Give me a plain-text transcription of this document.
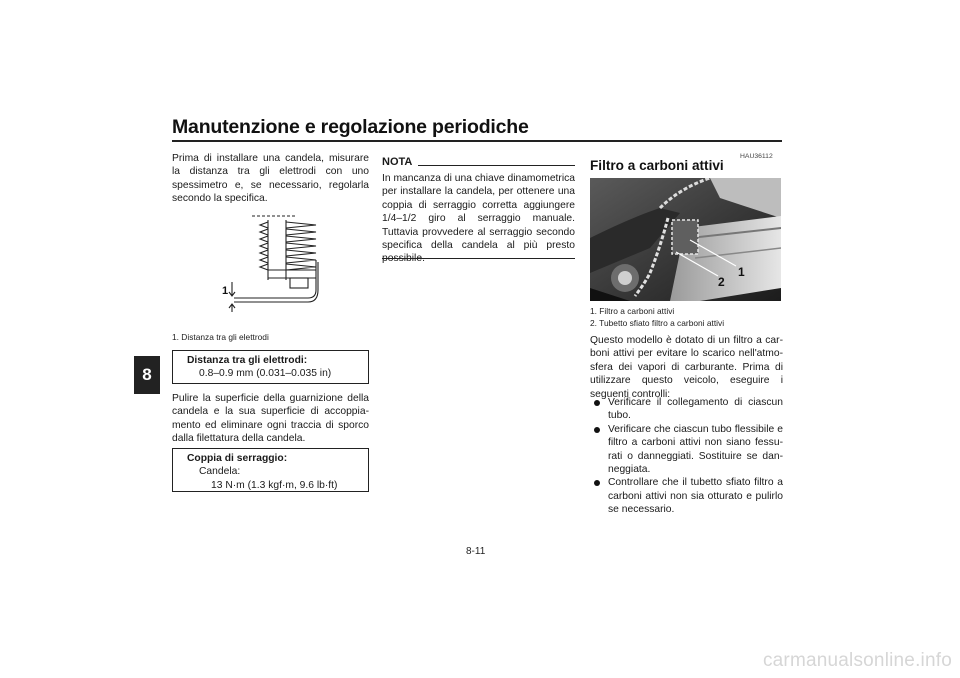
Manutenzione e regolazione periodiche
8
Prima di installare una candela, misurare la distanza tra gli elettrodi con uno spessimetro e, se necessario, regolarla secondo la specifica.
1
1. Distanza tra gli elettrodi
Distanza tra gli elettrodi:
0.8–0.9 mm (0.031–0.035 in)
Pulire la superficie della guarnizione della candela e la sua superficie di accoppiamento ed eliminare ogni traccia di sporco dalla filettatura della candela.
Coppia di serraggio:
Candela:
13 N·m (1.3 kgf·m, 9.6 lb·ft)
NOTA
In mancanza di una chiave dinamometrica per installare la candela, per ottenere una coppia di serraggio corretta aggiungere 1/4–1/2 giro al serraggio manuale. Tuttavia provvedere al serraggio secondo specifica della candela al più presto
HAU36112
Filtro a carboni attivi
1
2
1. Filtro a carboni attivi
2. Tubetto sfiato filtro a carboni attivi
Questo modello è dotato di un filtro a carboni attivi per evitare lo scarico nell'atmosfera dei vapori di carburante. Prima di utilizzare questo veicolo, eseguire i seguenti controlli:
Verificare il collegamento di ciascun tubo.
Verificare che ciascun tubo flessibile e filtro a carboni attivi non siano fessurati o danneggiati. Sostituire se danneggiata.
Controllare che il tubetto sfiato filtro a carboni attivi non sia otturato e pulirlo se necessario.
8-11
carmanualsonline.info
